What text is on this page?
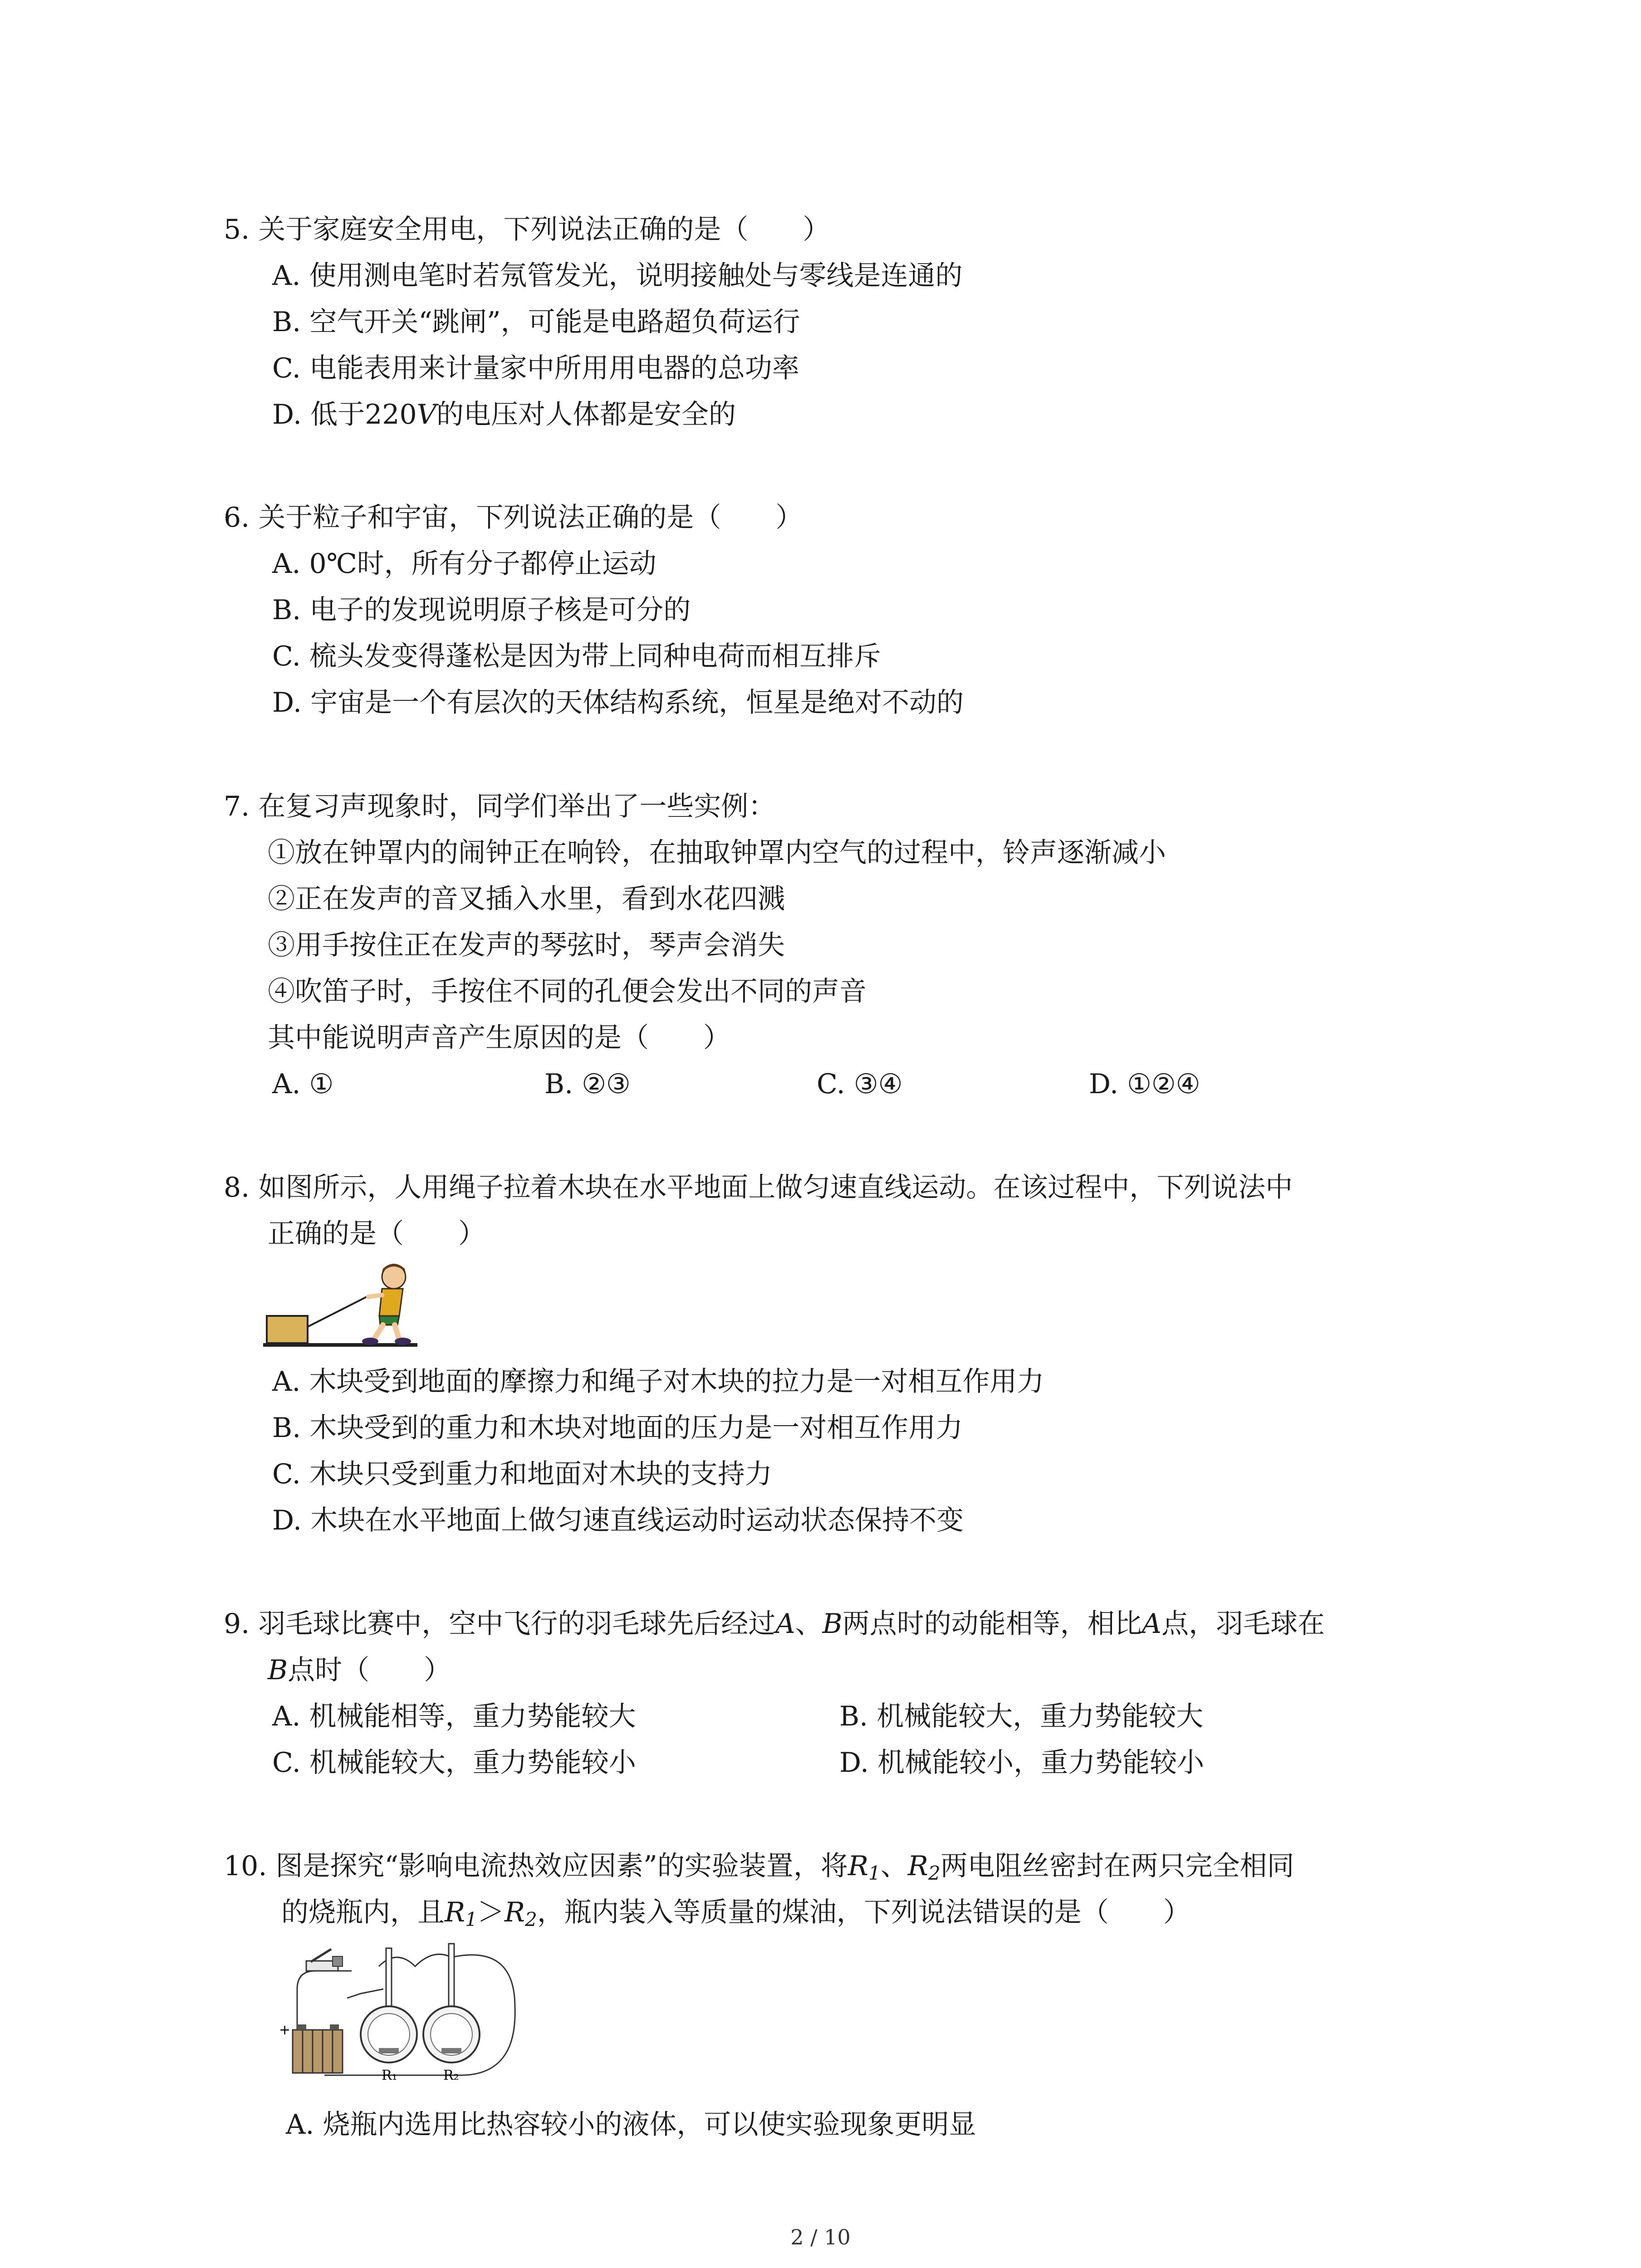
5. 关于家庭安全用电，下列说法正确的是（　　）
A. 使用测电笔时若氖管发光，说明接触处与零线是连通的
B. 空气开关“跳闸”，可能是电路超负荷运行
C. 电能表用来计量家中所用用电器的总功率
D. 低于220V的电压对人体都是安全的
6. 关于粒子和宇宙，下列说法正确的是（　　）
A. 0℃时，所有分子都停止运动
B. 电子的发现说明原子核是可分的
C. 梳头发变得蓬松是因为带上同种电荷而相互排斥
D. 宇宙是一个有层次的天体结构系统，恒星是绝对不动的
7. 在复习声现象时，同学们举出了一些实例：
①放在钟罩内的闹钟正在响铃，在抽取钟罩内空气的过程中，铃声逐渐减小
②正在发声的音叉插入水里，看到水花四溅
③用手按住正在发声的琴弦时，琴声会消失
④吹笛子时，手按住不同的孔便会发出不同的声音
其中能说明声音产生原因的是（　　）
A. ①	B. ②③	C. ③④	D. ①②④
8. 如图所示，人用绳子拉着木块在水平地面上做匀速直线运动。在该过程中，下列说法中
正确的是（　　）
A. 木块受到地面的摩擦力和绳子对木块的拉力是一对相互作用力
B. 木块受到的重力和木块对地面的压力是一对相互作用力
C. 木块只受到重力和地面对木块的支持力
D. 木块在水平地面上做匀速直线运动时运动状态保持不变
9. 羽毛球比赛中，空中飞行的羽毛球先后经过A、B两点时的动能相等，相比A点，羽毛球在
B点时（　　）
A. 机械能相等，重力势能较大	B. 机械能较大，重力势能较大
C. 机械能较大，重力势能较小	D. 机械能较小，重力势能较小
10. 图是探究“影响电流热效应因素”的实验装置，将$R_1$、$R_2$两电阻丝密封在两只完全相同
的烧瓶内，且$R_1>R_2$，瓶内装入等质量的煤油，下列说法错误的是（　　）
+
R₁	R₂
A. 烧瓶内选用比热容较小的液体，可以使实验现象更明显
2 / 10
